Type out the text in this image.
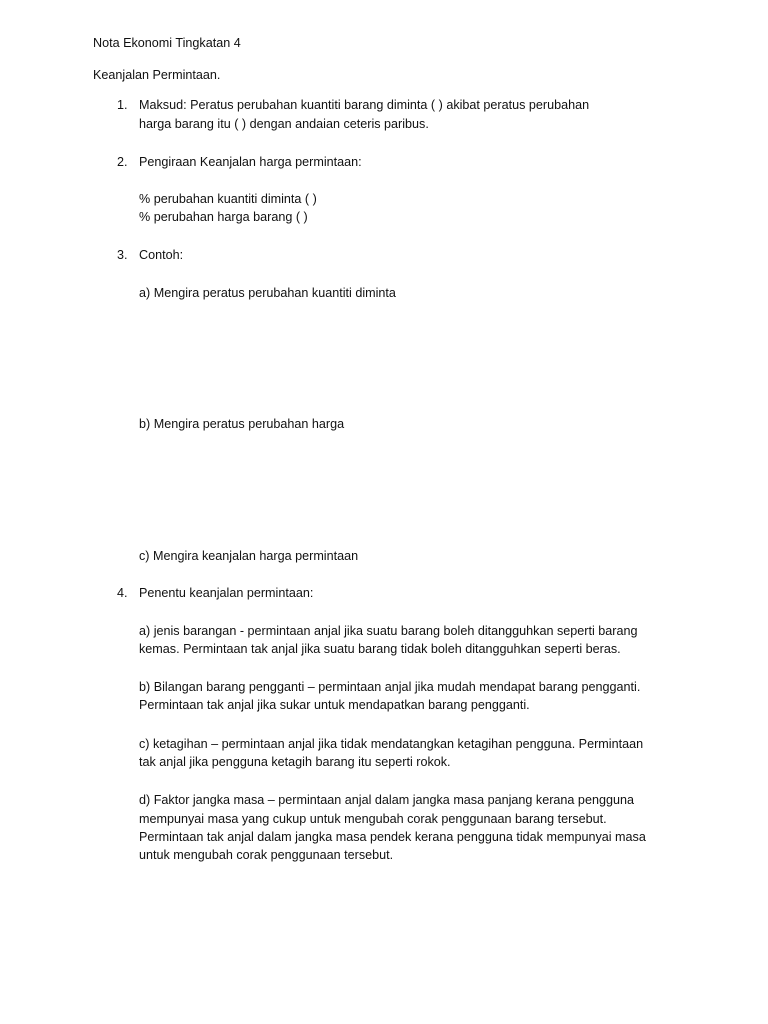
Nota Ekonomi Tingkatan 4
Keanjalan Permintaan.
1. Maksud: Peratus perubahan kuantiti barang diminta ( ) akibat peratus perubahan
harga barang itu ( ) dengan andaian ceteris paribus.
2. Pengiraan Keanjalan harga permintaan:
% perubahan kuantiti diminta ( )
% perubahan harga barang ( )
3. Contoh:
a) Mengira peratus perubahan kuantiti diminta
b) Mengira peratus perubahan harga
c) Mengira keanjalan harga permintaan
4. Penentu keanjalan permintaan:
a) jenis barangan - permintaan anjal jika suatu barang boleh ditangguhkan seperti barang
kemas. Permintaan tak anjal jika suatu barang tidak boleh ditangguhkan seperti beras.
b) Bilangan barang pengganti – permintaan anjal jika mudah mendapat barang pengganti.
Permintaan tak anjal jika sukar untuk mendapatkan barang pengganti.
c) ketagihan – permintaan anjal jika tidak mendatangkan ketagihan pengguna. Permintaan
tak anjal jika pengguna ketagih barang itu seperti rokok.
d) Faktor jangka masa – permintaan anjal dalam jangka masa panjang kerana pengguna
mempunyai masa yang cukup untuk mengubah corak penggunaan barang tersebut.
Permintaan tak anjal dalam jangka masa pendek kerana pengguna tidak mempunyai masa
untuk mengubah corak penggunaan tersebut.
